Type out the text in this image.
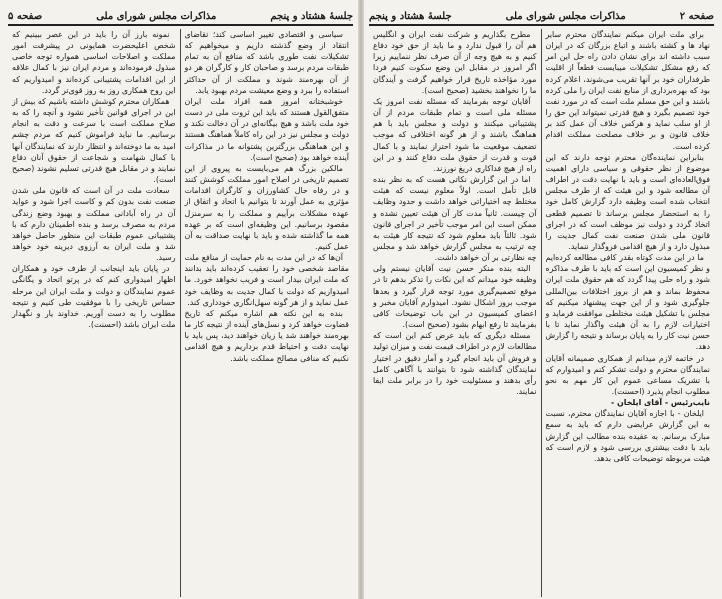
صفحه ۲
مذاکرات مجلس شورای ملی
جلسهٔ هشتاد و پنجم

برای ملت ایران میکنم نمایندگان محترم سایر نهاد ها و کشته باشند و اتباع بزرگان که در ایران سبب داشته اند برای نشان دادن راه حل این امر که رفع مشکل تشکیلات میبایست قطعاً از اقلیت طرفداران خود بر آنها تقریب می‌شوند، اعلام کرده بود که بهره‌برداری از منابع نفت ایران را ملی کرده باشند و این حق مسلم ملت است که در مورد نفت خود تصمیم بگیرد و هیچ قدرتی نمیتواند این حق را از او سلب نماید و هرکس خلاف آن عمل کند بر خلاف قانون و بر خلاف مصلحت مملکت اقدام کرده است.

بنابراین نماینده‌گان محترم توجه دارند که این موضوع از نظر حقوقی و سیاسی دارای اهمیت فوق‌العاده‌ای است و باید با نهایت دقت در اطراف آن مطالعه شود و این هیئت که از طرف مجلس انتخاب شده است وظیفه دارد گزارش کامل خود را به استحضار مجلس برساند تا تصمیم قطعی اتخاذ گردد و دولت نیز موظف است که در اجرای قانون ملی شدن صنعت نفت کمال جدیت را مبذول دارد و از هیچ اقدامی فروگذار ننماید.

ما در این مدت کوتاه بقدر کافی مطالعه کرده‌ایم و نظر کمیسیون این است که باید با طرف مذاکره شود و راه حلی پیدا گردد که هم حقوق ملت ایران محفوظ بماند و هم از بروز اختلافات بین‌المللی جلوگیری شود و از این جهت پیشنهاد میکنیم که مجلس با تشکیل هیئت مختلطی موافقت فرماید و اختیارات لازم را به آن هیئت واگذار نماید تا با حسن نیت کار را به پایان برساند و نتیجه را گزارش دهد.

در خاتمه لازم میدانم از همکاری صمیمانه آقایان نمایندگان محترم و دولت تشکر کنم و امیدوارم که با تشریک مساعی عموم این کار مهم به نحو مطلوب انجام پذیرد (احسنت).

نایب‌رئیس - آقای ایلخان -

ایلخان - با اجازه آقایان نمایندگان محترم، نسبت به این گزارش عرایضی دارم که باید به سمع مبارک برسانم. به عقیده بنده مطالب این گزارش باید با دقت بیشتری بررسی شود و لازم است که هیئت مربوطه توضیحات کافی بدهد.

مطرح بگذاریم و شرکت نفت ایران و انگلیس هم آن را قبول ندارد و ما باید از حق خود دفاع کنیم و به هیچ وجه از آن صرف نظر ننماییم زیرا اگر امروز در مقابل این وضع سکوت کنیم فردا مورد مؤاخذه تاریخ قرار خواهیم گرفت و آیندگان ما را نخواهند بخشید (صحیح است).

آقایان توجه بفرمایند که مسئله نفت امروز یک مسئله ملی است و تمام طبقات مردم از آن پشتیبانی میکنند و دولت و مجلس باید با هم هماهنگ باشند و از هر گونه اختلافی که موجب تضعیف موقعیت ما شود احتراز نمایند و با کمال قوت و قدرت از حقوق ملت دفاع کنند و در این راه از هیچ فداکاری دریغ نورزند.

اما در این گزارش نکاتی هست که به نظر بنده قابل تأمل است. اولاً معلوم نیست که هیئت مختلط چه اختیاراتی خواهد داشت و حدود وظایف آن چیست. ثانیاً مدت کار آن هیئت تعیین نشده و ممکن است این امر موجب تأخیر در اجرای قانون شود. ثالثاً باید معلوم شود که نتیجه کار هیئت به چه ترتیب به مجلس گزارش خواهد شد و مجلس چه نظارتی بر آن خواهد داشت.

البته بنده منکر حسن نیت آقایان نیستم ولی وظیفه خود میدانم که این نکات را تذکر بدهم تا در موقع تصمیم‌گیری مورد توجه قرار گیرد و بعدها موجب بروز اشکال نشود. امیدوارم آقایان مخبر و اعضای کمیسیون در این باب توضیحات کافی بفرمایند تا رفع ابهام بشود (صحیح است).

مسئله دیگری که باید عرض کنم این است که مطالعات لازم در اطراف قیمت نفت و میزان تولید و فروش آن باید انجام گیرد و آمار دقیق در اختیار نمایندگان گذاشته شود تا بتوانند با آگاهی کامل رأی بدهند و مسئولیت خود را در برابر ملت ایفا نمایند.

جلسهٔ هشتاد و پنجم
مذاکرات مجلس شورای ملی
صفحه ۵

سیاسی و اقتصادی تغییر اساسی کند؛ تقاضای انتقاد از وضع گذشته داریم و میخواهیم که تشکیلات نفت طوری باشد که منافع آن به تمام طبقات مردم برسد و صاحبان کار و کارگران هر دو از آن بهره‌مند شوند و مملکت از آن حداکثر استفاده را ببرد و وضع معیشت مردم بهبود یابد.

خوشبختانه امروز همه افراد ملت ایران متفق‌القول هستند که باید این ثروت ملی در دست خود ملت باشد و هیچ بیگانه‌ای در آن دخالت نکند و دولت و مجلس نیز در این راه کاملاً هماهنگ هستند و این هماهنگی بزرگترین پشتوانه ما در مذاکرات آینده خواهد بود (صحیح است).

مالکین بزرگ هم می‌بایست به پیروی از این تصمیم تاریخی در اصلاح امور مملکت کوشش کنند و در رفاه حال کشاورزان و کارگران اقدامات مؤثری به عمل آورند تا بتوانیم با اتحاد و اتفاق از عهده مشکلات برآییم و مملکت را به سرمنزل مقصود برسانیم. این وظیفه‌ای است که بر عهده همه ما گذاشته شده و باید با نهایت صداقت به آن عمل کنیم.

آن‌ها که در این مدت به نام حمایت از منافع ملت مقاصد شخصی خود را تعقیب کرده‌اند باید بدانند که ملت ایران بیدار است و فریب نخواهد خورد. ما امیدواریم که دولت با کمال جدیت به وظایف خود عمل نماید و از هر گونه سهل‌انگاری خودداری کند.

بنده به این نکته هم اشاره میکنم که تاریخ قضاوت خواهد کرد و نسل‌های آینده از نتیجه کار ما بهره‌مند خواهند شد یا زیان خواهند دید، پس باید با نهایت دقت و احتیاط قدم برداریم و هیچ اقدامی نکنیم که منافی مصالح مملکت باشد.

نمونه بارز آن را باید در این عصر ببینیم که شخص اعلیحضرت همایونی در پیشرفت امور مملکت و اصلاحات اساسی همواره توجه خاصی مبذول فرموده‌اند و مردم ایران نیز با کمال علاقه از این اقدامات پشتیبانی کرده‌اند و امیدواریم که این روح همکاری روز به روز قوی‌تر گردد.

همکاران محترم کوشش داشته باشیم که بیش از این در اجرای قوانین تأخیر نشود و آنچه را که به صلاح مملکت است با سرعت و دقت به انجام برسانیم. ما نباید فراموش کنیم که مردم چشم امید به ما دوخته‌اند و انتظار دارند که نمایندگان آنها با کمال شهامت و شجاعت از حقوق آنان دفاع نمایند و در مقابل هیچ قدرتی تسلیم نشوند (صحیح است).

سعادت ملت در آن است که قانون ملی شدن صنعت نفت بدون کم و کاست اجرا شود و عواید آن در راه آبادانی مملکت و بهبود وضع زندگی مردم به مصرف برسد و بنده اطمینان دارم که با پشتیبانی عموم طبقات این منظور حاصل خواهد شد و ملت ایران به آرزوی دیرینه خود خواهد رسید.

در پایان باید اینجانب از طرف خود و همکاران اظهار امیدواری کنم که در پرتو اتحاد و یگانگی عموم نمایندگان و دولت و ملت ایران این مرحله حساس تاریخی را با موفقیت طی کنیم و نتیجه مطلوب را به دست آوریم. خداوند یار و نگهدار ملت ایران باشد (احسنت).
